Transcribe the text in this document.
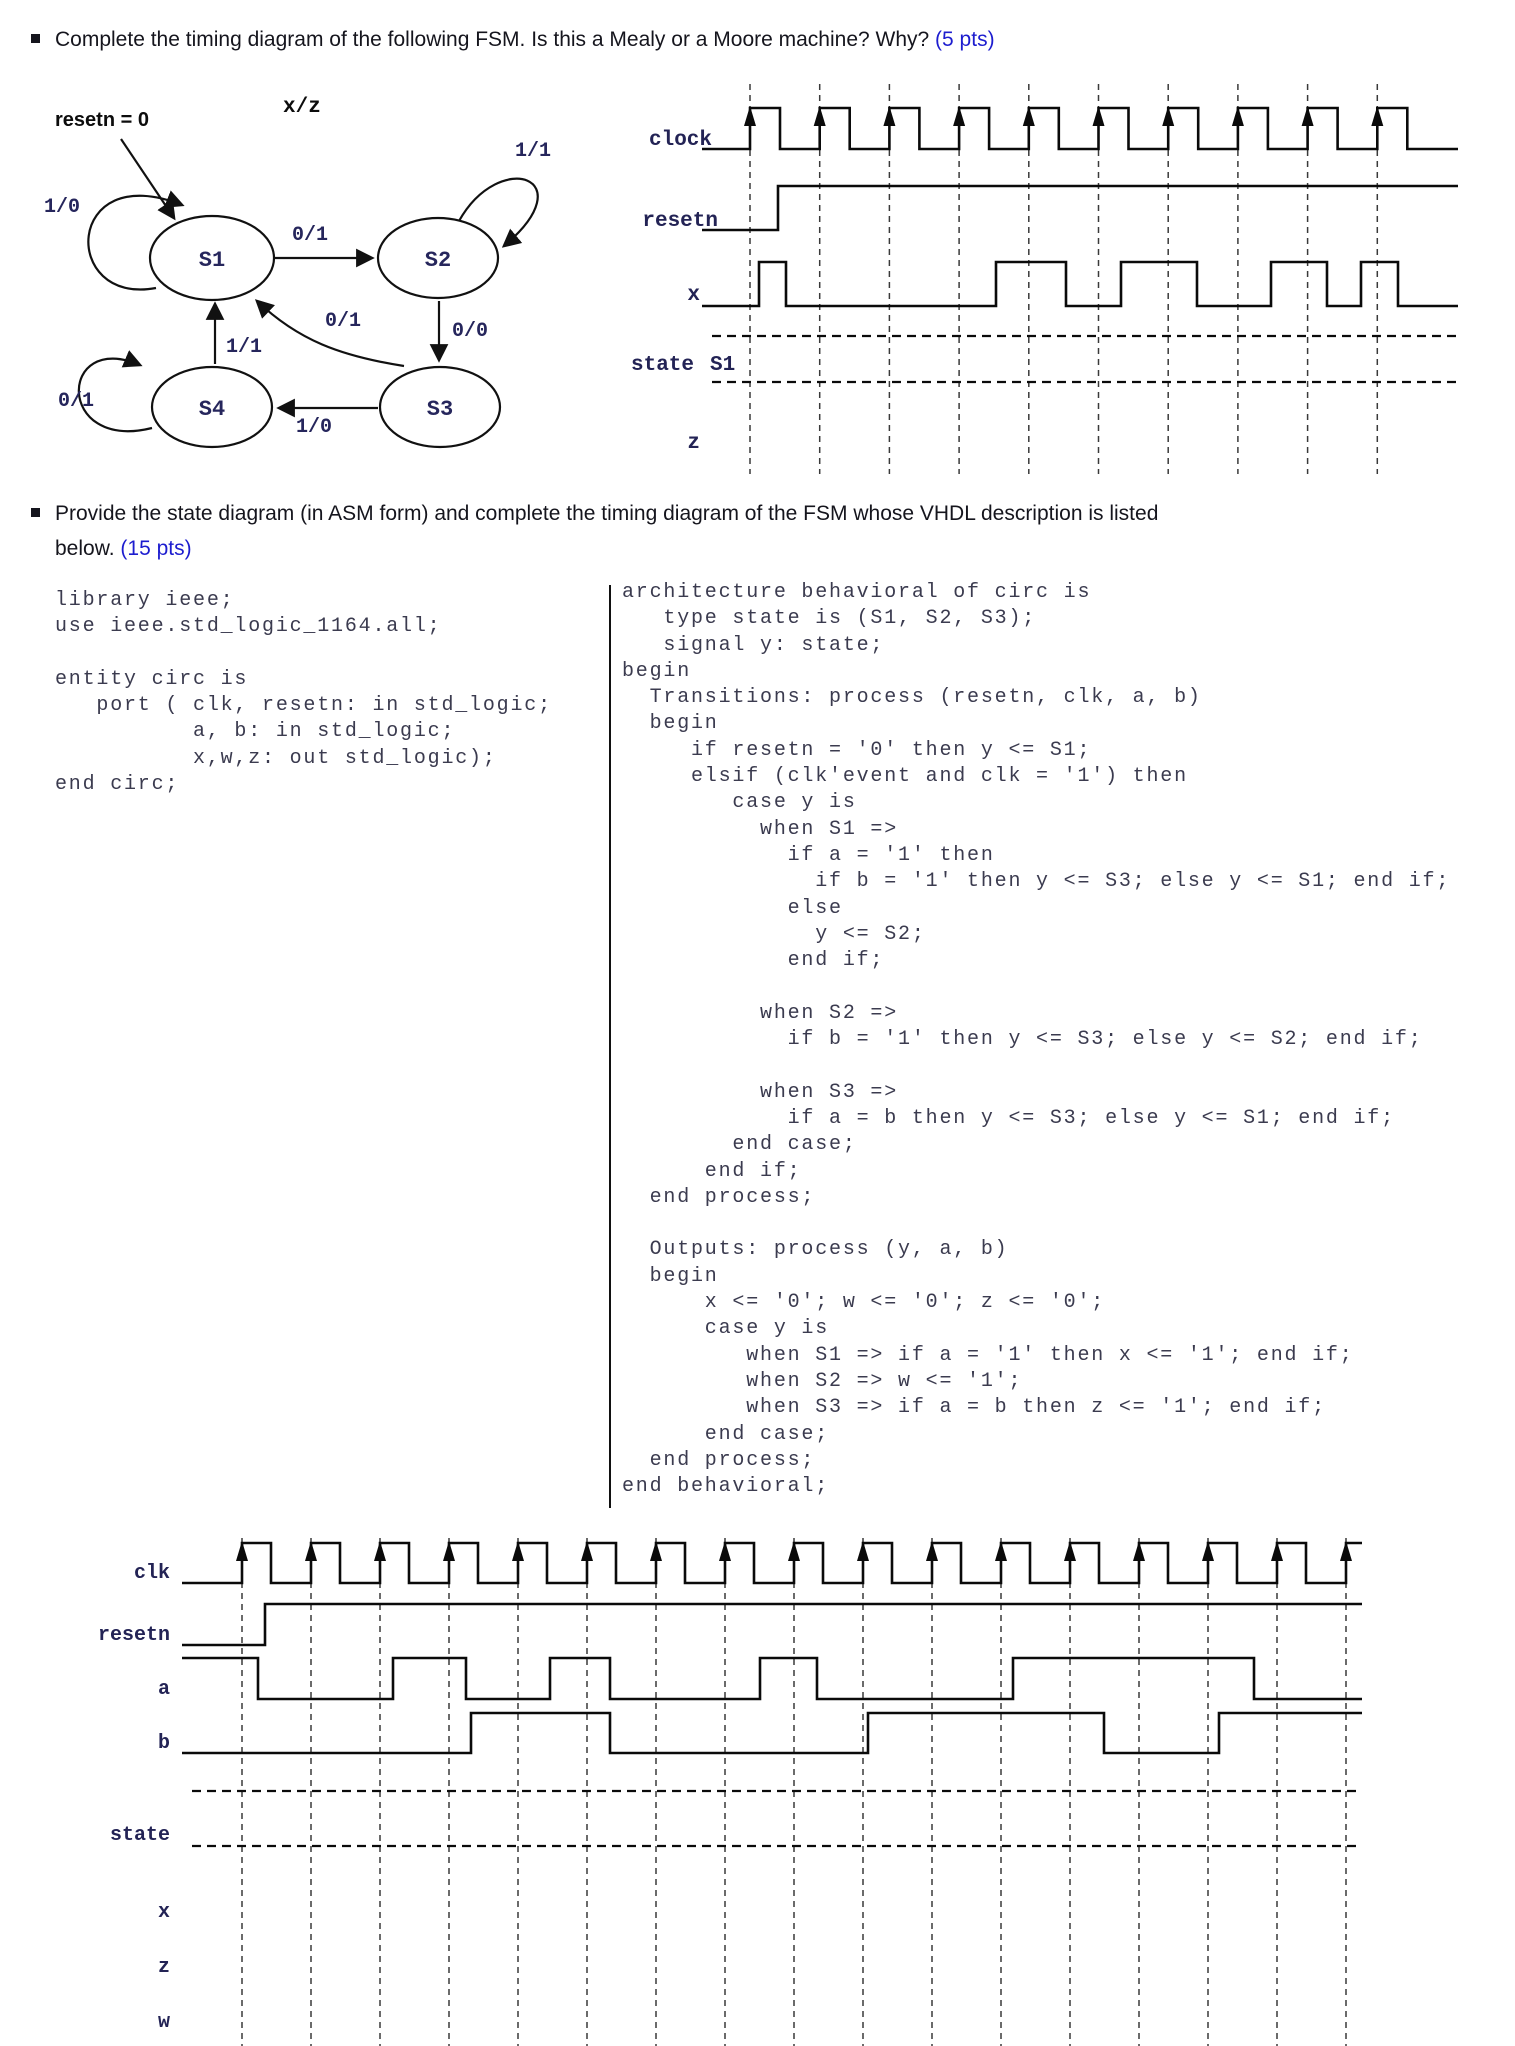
Complete the timing diagram of the following FSM. Is this a Mealy or a Moore machine? Why? (5 pts)
Provide the state diagram (in ASM form) and complete the timing diagram of the FSM whose VHDL description is listed
below. (15 pts)
library ieee;
use ieee.std_logic_1164.all;

entity circ is
port ( clk, resetn: in std_logic;
a, b: in std_logic;
x,w,z: out std_logic);
end circ;
architecture behavioral of circ is
type state is (S1, S2, S3);
signal y: state;
begin
Transitions: process (resetn, clk, a, b)
begin
if resetn = '0' then y <= S1;
elsif (clk'event and clk = '1') then
case y is
when S1 =>
if a = '1' then
if b = '1' then y <= S3; else y <= S1; end if;
else
y <= S2;
end if;

when S2 =>
if b = '1' then y <= S3; else y <= S2; end if;

when S3 =>
if a = b then y <= S3; else y <= S1; end if;
end case;
end if;
end process;

Outputs: process (y, a, b)
begin
x <= '0'; w <= '0'; z <= '0';
case y is
when S1 => if a = '1' then x <= '1'; end if;
when S2 => w <= '1';
when S3 => if a = b then z <= '1'; end if;
end case;
end process;
end behavioral;
resetn = 0
x/z
S1	S2
S3
S4
1/0
0/1
1/1
0/0
0/1
1/1
0/1
1/0
clock
resetn
x
state S1
z
clk
resetn
a
b
state
x
z
w
